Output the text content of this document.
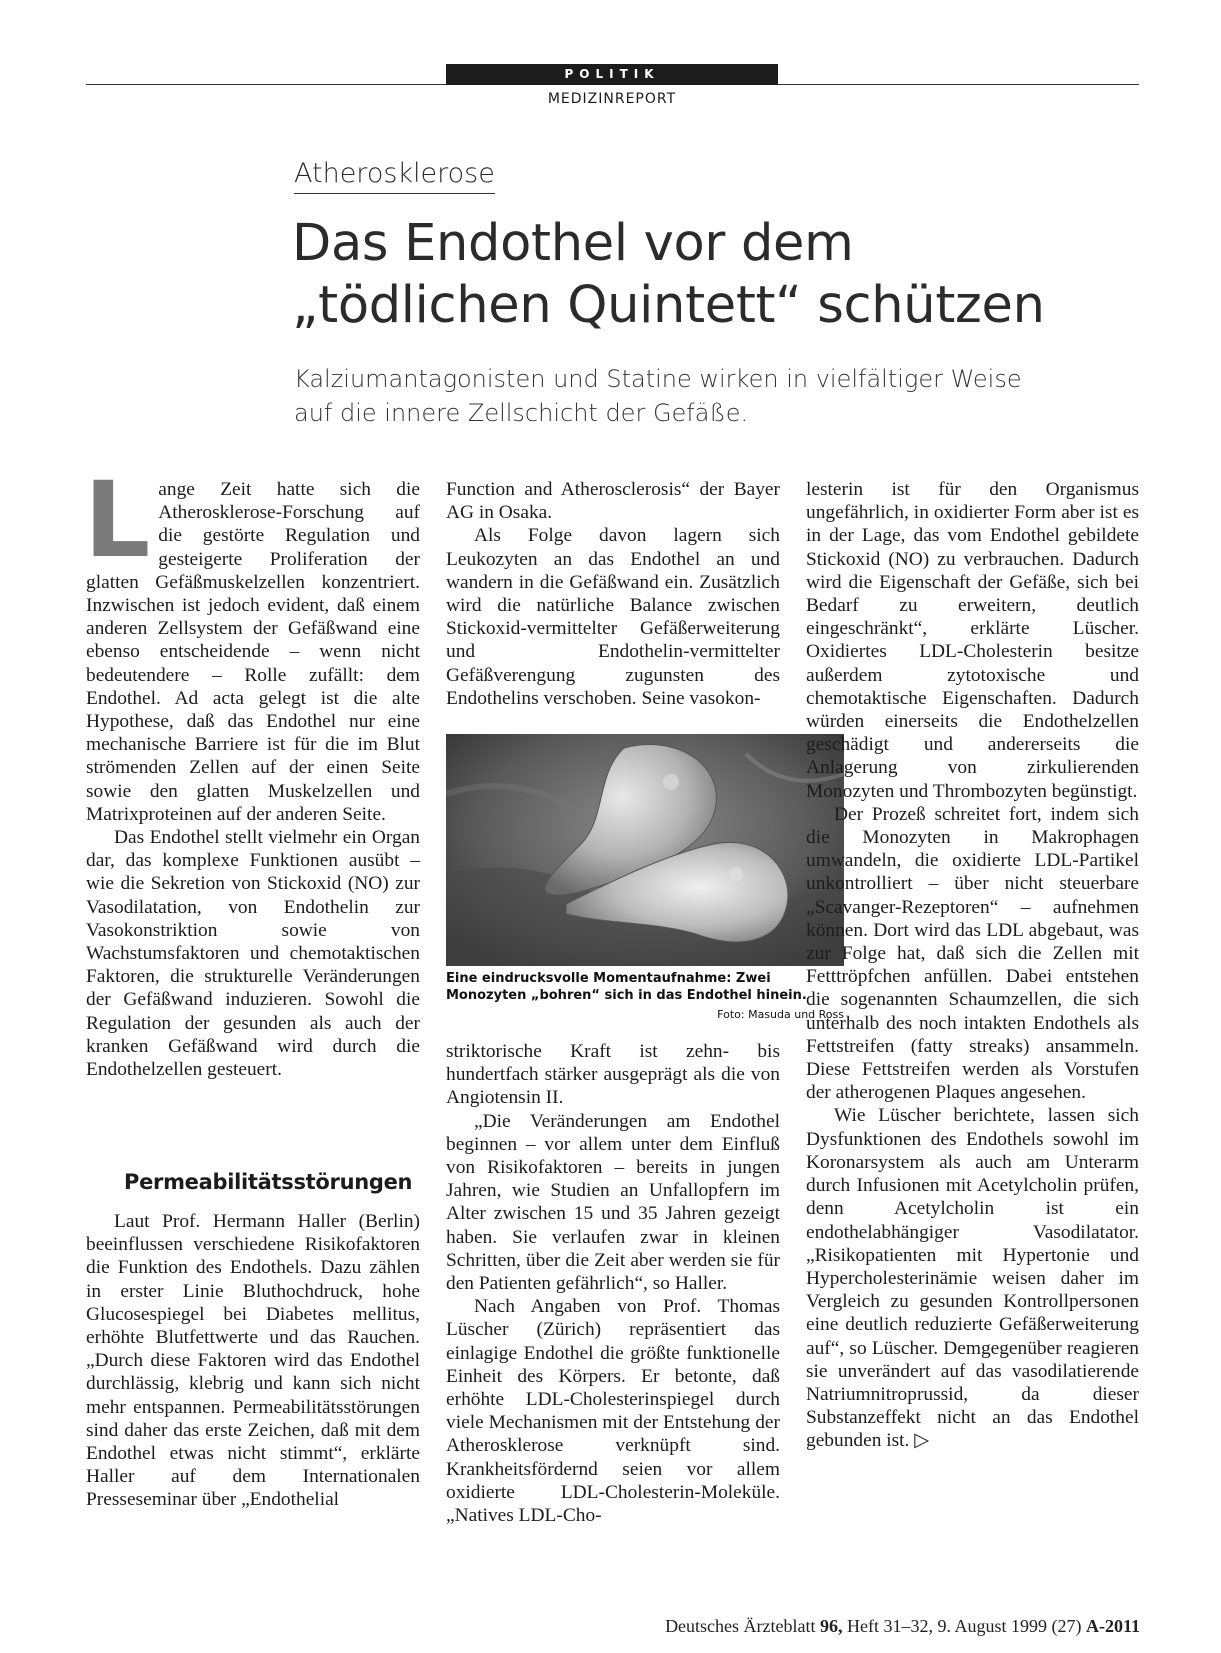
POLITIK
MEDIZINREPORT
Atherosklerose
Das Endothel vor dem
„tödlichen Quintett“ schützen
Kalziumantagonisten und Statine wirken in vielfältiger Weise
auf die innere Zellschicht der Gefäße.

Lange Zeit hatte sich die Atherosklerose-Forschung auf die gestörte Regulation und gesteigerte Proliferation der glatten Gefäßmuskelzellen konzentriert. Inzwischen ist jedoch evident, daß einem anderen Zellsystem der Gefäßwand eine ebenso entscheidende – wenn nicht bedeutendere – Rolle zufällt: dem Endothel. Ad acta gelegt ist die alte Hypothese, daß das Endothel nur eine mechanische Barriere ist für die im Blut strömenden Zellen auf der einen Seite sowie den glatten Muskelzellen und Matrixproteinen auf der anderen Seite.

Das Endothel stellt vielmehr ein Organ dar, das komplexe Funktionen ausübt – wie die Sekretion von Stickoxid (NO) zur Vasodilatation, von Endothelin zur Vasokonstriktion sowie von Wachstumsfaktoren und chemotaktischen Faktoren, die strukturelle Veränderungen der Gefäßwand induzieren. Sowohl die Regulation der gesunden als auch der kranken Gefäßwand wird durch die Endothelzellen gesteuert.

Permeabilitätsstörungen

Laut Prof. Hermann Haller (Berlin) beeinflussen verschiedene Risikofaktoren die Funktion des Endothels. Dazu zählen in erster Linie Bluthochdruck, hohe Glucosespiegel bei Diabetes mellitus, erhöhte Blutfettwerte und das Rauchen. „Durch diese Faktoren wird das Endothel durchlässig, klebrig und kann sich nicht mehr entspannen. Permeabilitätsstörungen sind daher das erste Zeichen, daß mit dem Endothel etwas nicht stimmt“, erklärte Haller auf dem Internationalen Presseseminar über „Endothelial

Function and Atherosclerosis“ der Bayer AG in Osaka.

Als Folge davon lagern sich Leukozyten an das Endothel an und wandern in die Gefäßwand ein. Zusätzlich wird die natürliche Balance zwischen Stickoxid-vermittelter Gefäßerweiterung und Endothelin-vermittelter Gefäßverengung zugunsten des Endothelins verschoben. Seine vasokon-

Eine eindrucksvolle Momentaufnahme: Zwei Monozyten „bohren“ sich in das Endothel hinein.
Foto: Masuda und Ross

striktorische Kraft ist zehn- bis hundertfach stärker ausgeprägt als die von Angiotensin II.

„Die Veränderungen am Endothel beginnen – vor allem unter dem Einfluß von Risikofaktoren – bereits in jungen Jahren, wie Studien an Unfallopfern im Alter zwischen 15 und 35 Jahren gezeigt haben. Sie verlaufen zwar in kleinen Schritten, über die Zeit aber werden sie für den Patienten gefährlich“, so Haller.

Nach Angaben von Prof. Thomas Lüscher (Zürich) repräsentiert das einlagige Endothel die größte funktionelle Einheit des Körpers. Er betonte, daß erhöhte LDL-Cholesterinspiegel durch viele Mechanismen mit der Entstehung der Atherosklerose verknüpft sind. Krankheitsfördernd seien vor allem oxidierte LDL-Cholesterin-Moleküle. „Natives LDL-Cho-

lesterin ist für den Organismus ungefährlich, in oxidierter Form aber ist es in der Lage, das vom Endothel gebildete Stickoxid (NO) zu verbrauchen. Dadurch wird die Eigenschaft der Gefäße, sich bei Bedarf zu erweitern, deutlich eingeschränkt“, erklärte Lüscher. Oxidiertes LDL-Cholesterin besitze außerdem zytotoxische und chemotaktische Eigenschaften. Dadurch würden einerseits die Endothelzellen geschädigt und andererseits die Anlagerung von zirkulierenden Monozyten und Thrombozyten begünstigt.

Der Prozeß schreitet fort, indem sich die Monozyten in Makrophagen umwandeln, die oxidierte LDL-Partikel unkontrolliert – über nicht steuerbare „Scavanger-Rezeptoren“ – aufnehmen können. Dort wird das LDL abgebaut, was zur Folge hat, daß sich die Zellen mit Fetttröpfchen anfüllen. Dabei entstehen die sogenannten Schaumzellen, die sich unterhalb des noch intakten Endothels als Fettstreifen (fatty streaks) ansammeln. Diese Fettstreifen werden als Vorstufen der atherogenen Plaques angesehen.

Wie Lüscher berichtete, lassen sich Dysfunktionen des Endothels sowohl im Koronarsystem als auch am Unterarm durch Infusionen mit Acetylcholin prüfen, denn Acetylcholin ist ein endothelabhängiger Vasodilatator. „Risikopatienten mit Hypertonie und Hypercholesterinämie weisen daher im Vergleich zu gesunden Kontrollpersonen eine deutlich reduzierte Gefäßerweiterung auf“, so Lüscher. Demgegenüber reagieren sie unverändert auf das vasodilatierende Natriumnitroprussid, da dieser Substanzeffekt nicht an das Endothel gebunden ist. ▷

Deutsches Ärzteblatt 96, Heft 31–32, 9. August 1999 (27) A-2011
